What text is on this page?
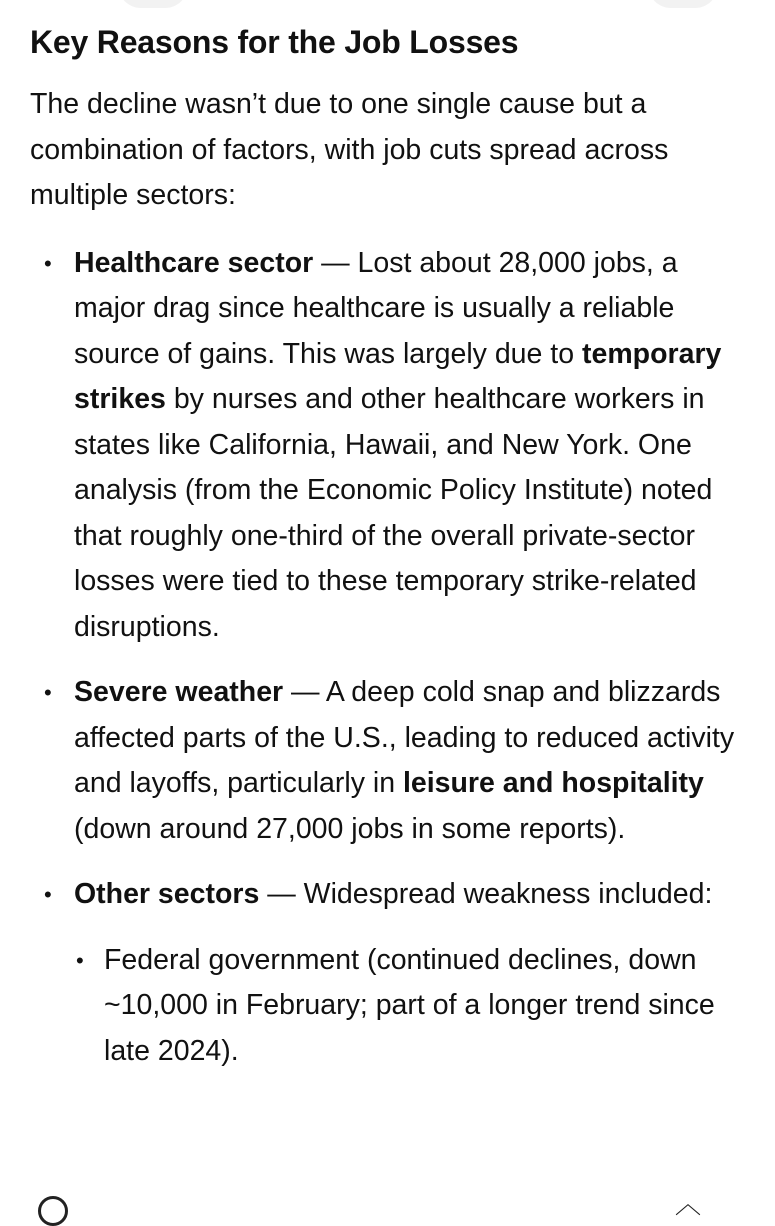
Key Reasons for the Job Losses

The decline wasn’t due to one single cause but a combination of factors, with job cuts spread across multiple sectors:

• Healthcare sector — Lost about 28,000 jobs, a major drag since healthcare is usually a reliable source of gains. This was largely due to temporary strikes by nurses and other healthcare workers in states like California, Hawaii, and New York. One analysis (from the Economic Policy Institute) noted that roughly one-third of the overall private-sector losses were tied to these temporary strike-related disruptions.
• Severe weather — A deep cold snap and blizzards affected parts of the U.S., leading to reduced activity and layoffs, particularly in leisure and hospitality (down around 27,000 jobs in some reports).
• Other sectors — Widespread weakness included:
• Federal government (continued declines, down ~10,000 in February; part of a longer trend since late 2024).
︿
